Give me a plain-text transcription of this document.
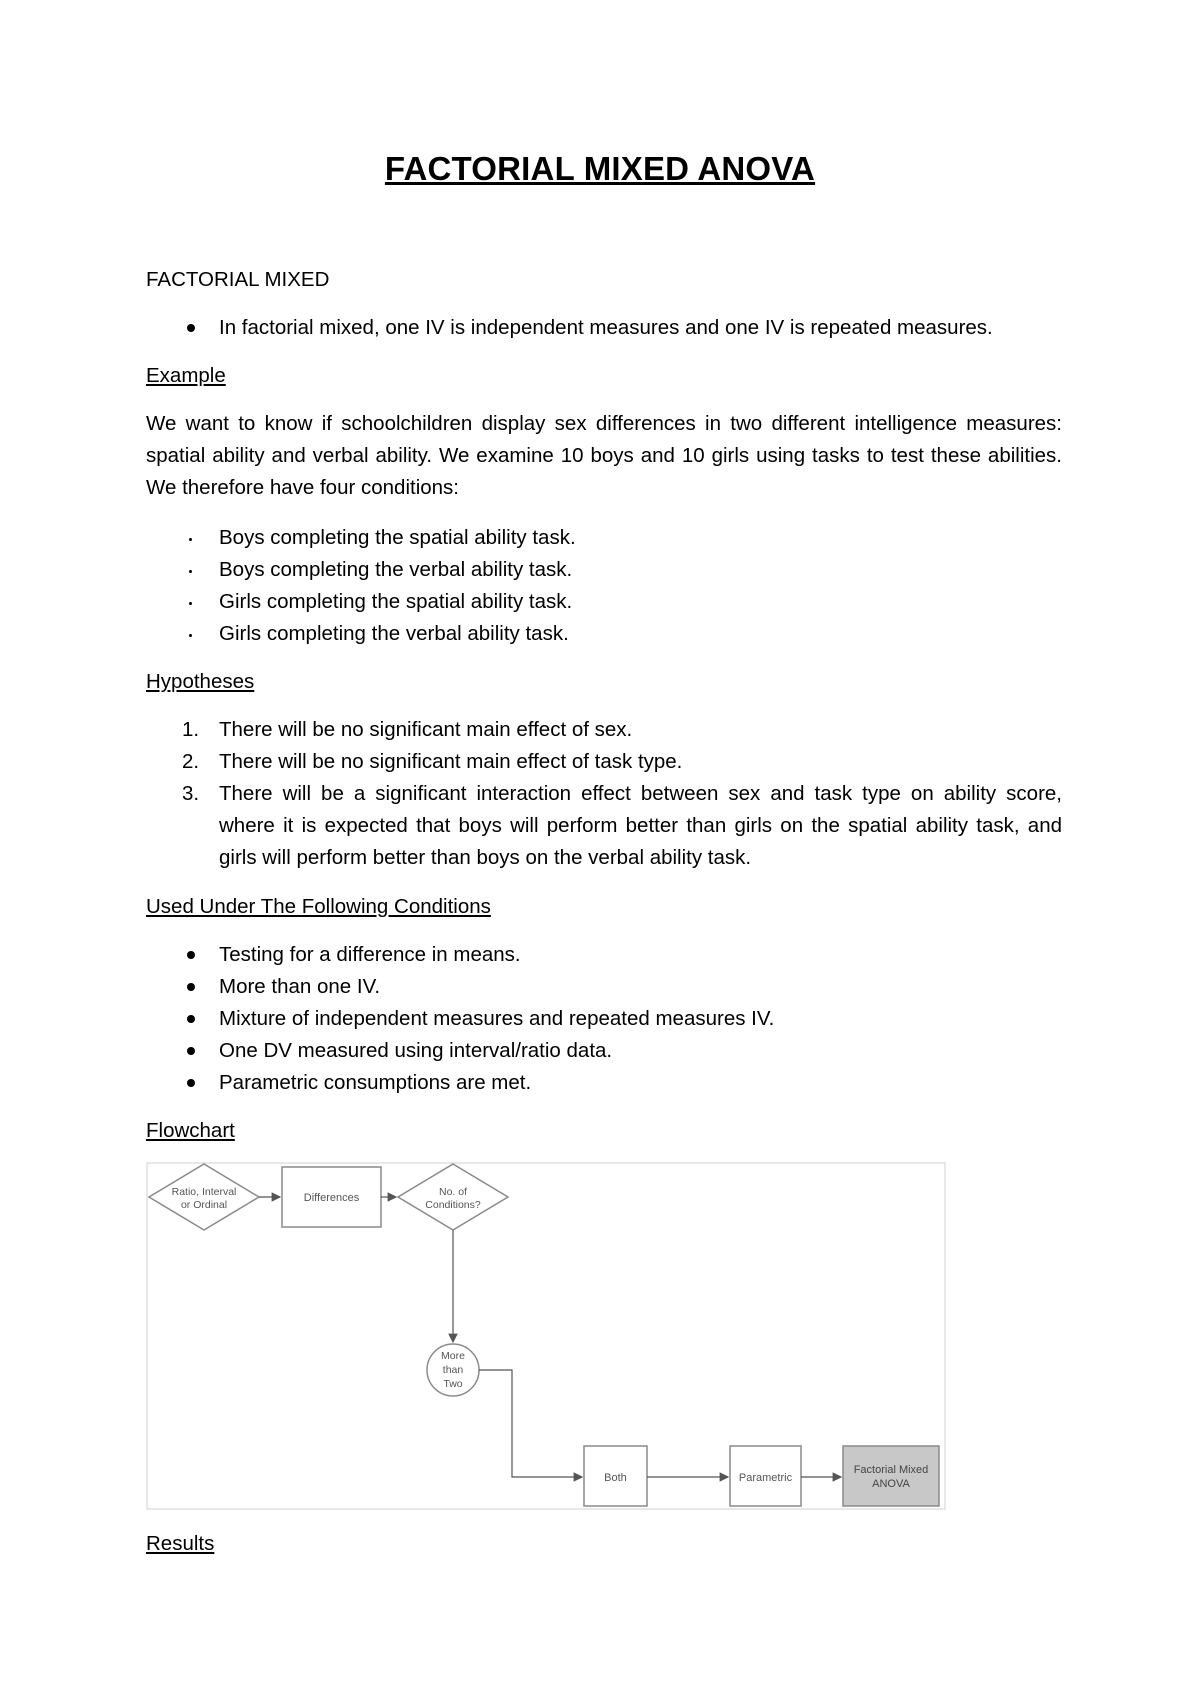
FACTORIAL MIXED ANOVA
FACTORIAL MIXED
In factorial mixed, one IV is independent measures and one IV is repeated measures.
Example
We want to know if schoolchildren display sex differences in two different intelligence measures: spatial ability and verbal ability. We examine 10 boys and 10 girls using tasks to test these abilities. We therefore have four conditions:
Boys completing the spatial ability task.
Boys completing the verbal ability task.
Girls completing the spatial ability task.
Girls completing the verbal ability task.
Hypotheses
1. There will be no significant main effect of sex.
2. There will be no significant main effect of task type.
3. There will be a significant interaction effect between sex and task type on ability score, where it is expected that boys will perform better than girls on the spatial ability task, and girls will perform better than boys on the verbal ability task.
Used Under The Following Conditions
Testing for a difference in means.
More than one IV.
Mixture of independent measures and repeated measures IV.
One DV measured using interval/ratio data.
Parametric consumptions are met.
Flowchart
Ratio, Interval
or Ordinal
Differences	No. of
Conditions?
More
than
Two
Both	Parametric
Factorial Mixed
ANOVA
Results
